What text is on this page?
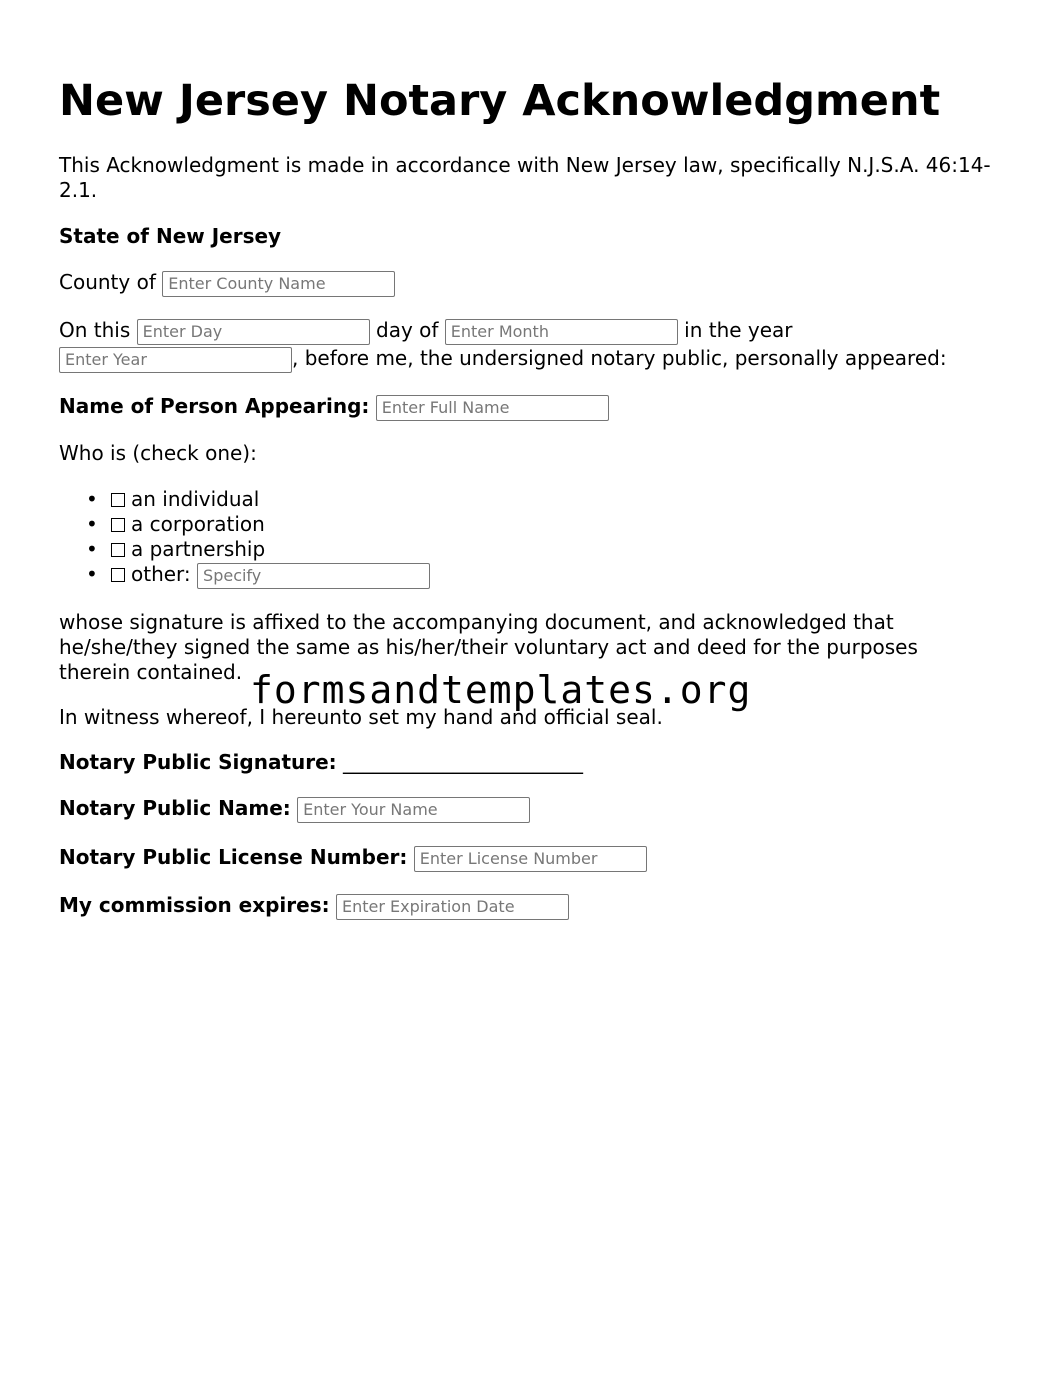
New Jersey Notary Acknowledgment
This Acknowledgment is made in accordance with New Jersey law, specifically N.J.S.A. 46:14-2.1.
State of New Jersey
County of Enter County Name
On this Enter Day	day of Enter Month	in the year
Enter Year, before me, the undersigned notary public, personally appeared:
Name of Person Appearing: Enter Full Name
Who is (check one):
• an individual
• a corporation
• a partnership
• other: Specify
whose signature is affixed to the accompanying document, and acknowledged that he/she/they signed the same as his/her/their voluntary act and deed for the purposes therein contained.
In witness whereof, I hereunto set my hand and official seal.
Notary Public Signature: ________________________
Notary Public Name: Enter Your Name
Notary Public License Number: Enter License Number
My commission expires: Enter Expiration Date
formsandtemplates.org
